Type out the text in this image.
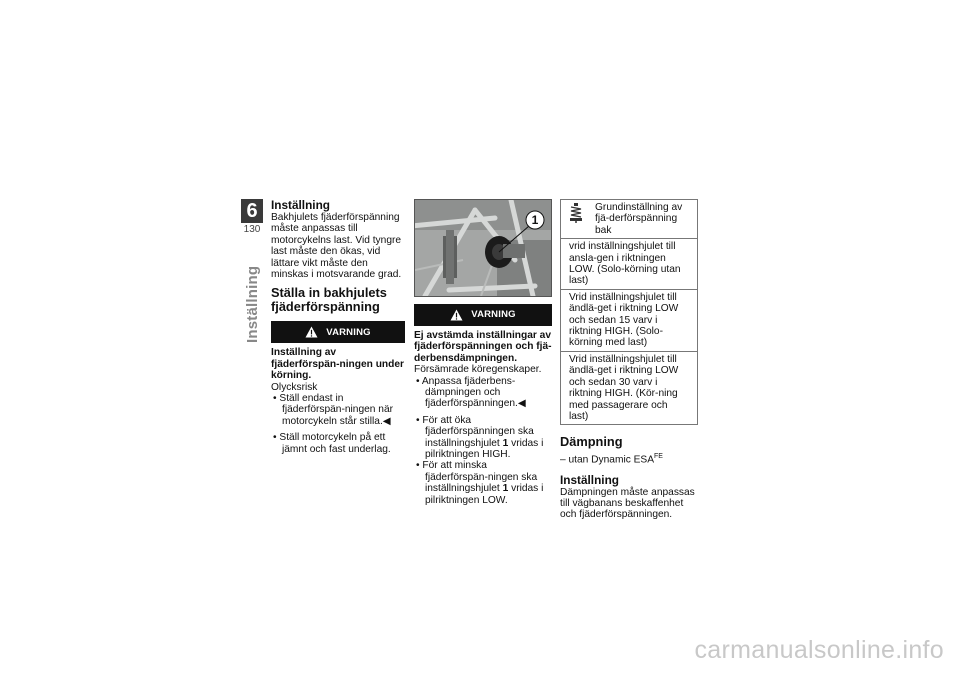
6
130
Inställning
Inställning

Bakhjulets fjäderförspänning måste anpassas till motorcykelns last. Vid tyngre last måste den ökas, vid lättare vikt måste den minskas i motsvarande grad.

Ställa in bakhjulets fjäderförspänning
VARNING

Inställning av fjäderförspän-ningen under körning.

Olycksrisk

• Ställ endast in fjäderförspän-ningen när motorcykeln står stilla.◀

• Ställ motorcykeln på ett jämnt och fast underlag.

1
VARNING

Ej avstämda inställningar av fjäderförspänningen och fjä-derbensdämpningen.

Försämrade köregenskaper.

• Anpassa fjäderbens-dämpningen och fjäderförspänningen.◀

• För att öka fjäderförspänningen ska inställningshjulet 1 vridas i pilriktningen HIGH.

• För att minska fjäderförspän-ningen ska inställningshjulet 1 vridas i pilriktningen LOW.

Grundinställning av fjä-derförspänning bak
vrid inställningshjulet till ansla-gen i riktningen LOW. (Solo-körning utan last)
Vrid inställningshjulet till ändlä-get i riktning LOW och sedan 15 varv i riktning HIGH. (Solo-körning med last)
Vrid inställningshjulet till ändlä-get i riktning LOW och sedan 30 varv i riktning HIGH. (Kör-ning med passagerare och last)
Dämpning

– utan Dynamic $ESA^{FE}$

Inställning

Dämpningen måste anpassas till vägbanans beskaffenhet och fjäderförspänningen.

carmanualsonline.info
